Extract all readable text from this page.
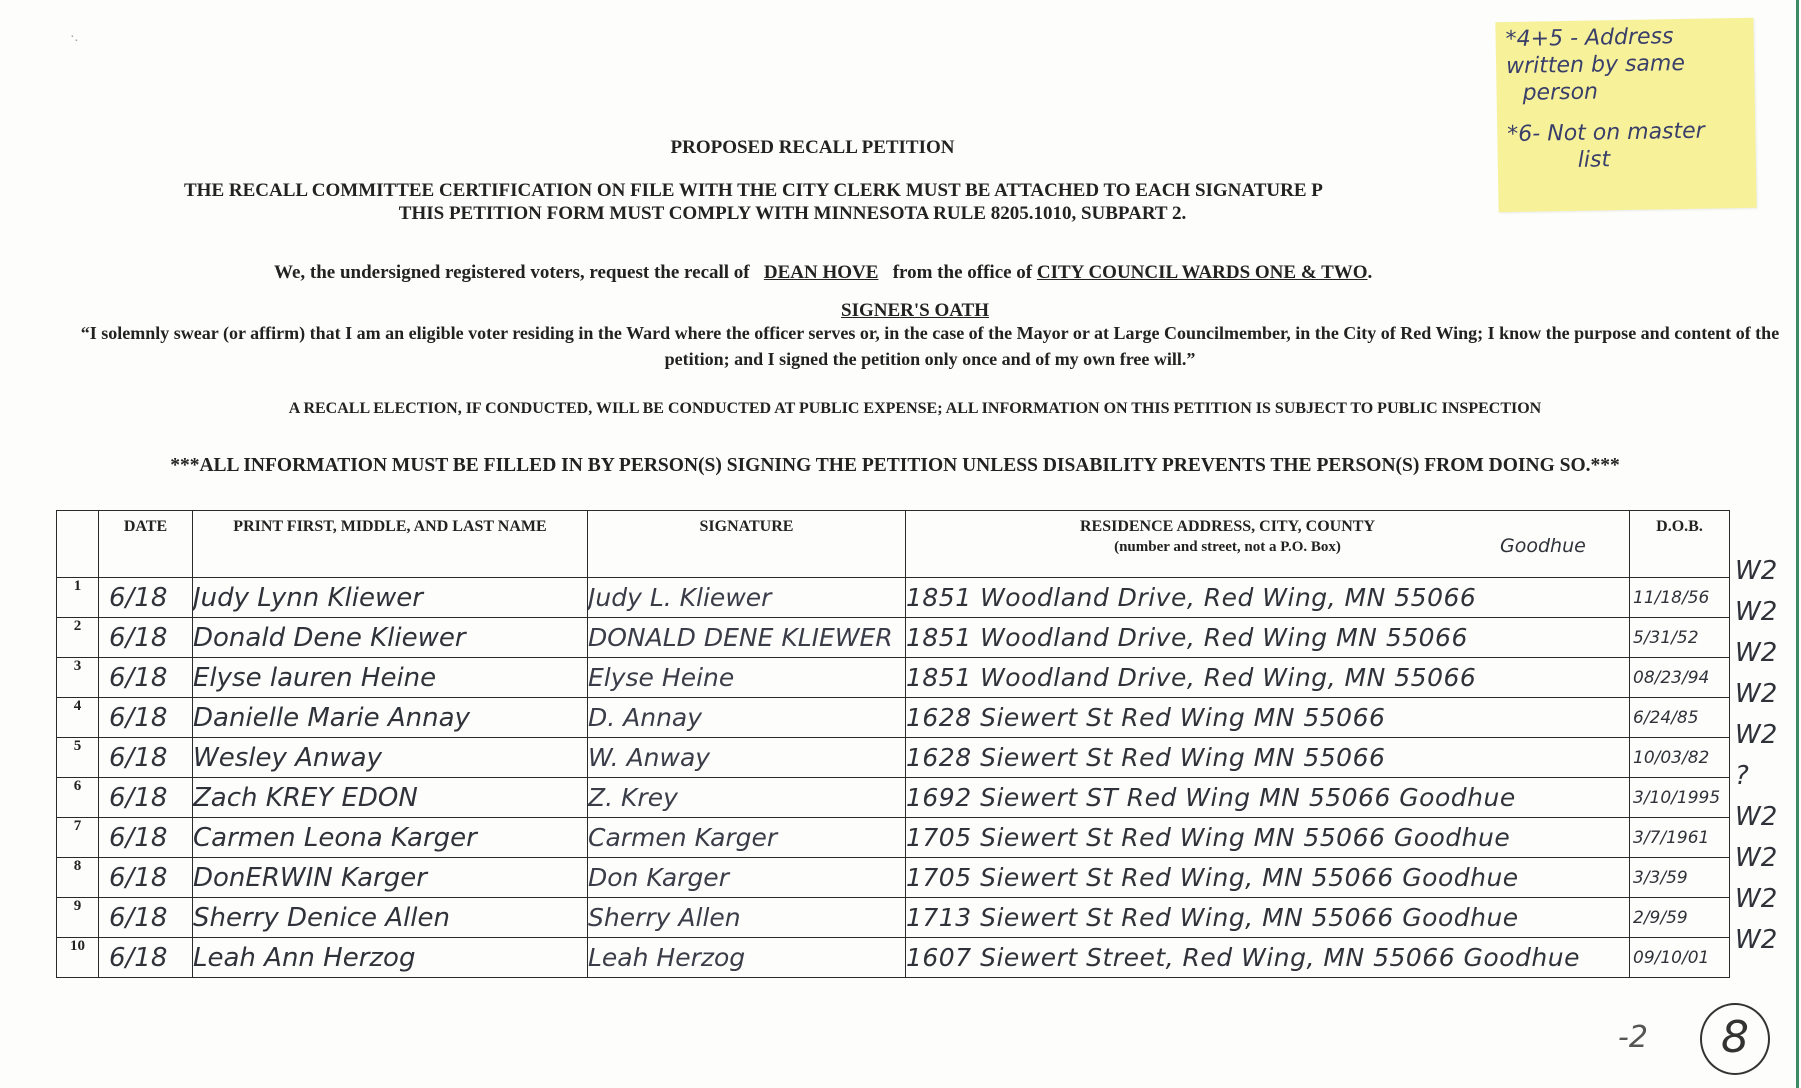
·.	*4+5 - Address
written by same
person
*6- Not on master
list
PROPOSED RECALL PETITION
THE RECALL COMMITTEE CERTIFICATION ON FILE WITH THE CITY CLERK MUST BE ATTACHED TO EACH SIGNATURE P
THIS PETITION FORM MUST COMPLY WITH MINNESOTA RULE 8205.1010, SUBPART 2.
We, the undersigned registered voters, request the recall of DEAN HOVE from the office of CITY COUNCIL WARDS ONE & TWO.
SIGNER'S OATH
“I solemnly swear (or affirm) that I am an eligible voter residing in the Ward where the officer serves or, in the case of the Mayor or at Large Councilmember, in the City of Red Wing; I know the purpose and content of the petition; and I signed the petition only once and of my own free will.”
A RECALL ELECTION, IF CONDUCTED, WILL BE CONDUCTED AT PUBLIC EXPENSE; ALL INFORMATION ON THIS PETITION IS SUBJECT TO PUBLIC INSPECTION
***ALL INFORMATION MUST BE FILLED IN BY PERSON(S) SIGNING THE PETITION UNLESS DISABILITY PREVENTS THE PERSON(S) FROM DOING SO.***
	DATE	PRINT FIRST, MIDDLE, AND LAST NAME	SIGNATURE	RESIDENCE ADDRESS, CITY, COUNTY
(number and street, not a P.O. Box)	D.O.B.
1	6/18	Judy Lynn Kliewer	Judy L. Kliewer	1851 Woodland Drive, Red Wing, MN 55066	11/18/56
2	6/18	Donald Dene Kliewer	DONALD DENE KLIEWER	1851 Woodland Drive, Red Wing MN 55066	5/31/52
3	6/18	Elyse lauren Heine	Elyse Heine	1851 Woodland Drive, Red Wing, MN 55066	08/23/94
4	6/18	Danielle Marie Annay	D. Annay	1628 Siewert St Red Wing MN 55066	6/24/85
5	6/18	Wesley Anway	W. Anway	1628 Siewert St Red Wing MN 55066	10/03/82
6	6/18	Zach KREY EDON	Z. Krey	1692 Siewert ST Red Wing MN 55066 Goodhue	3/10/1995
7	6/18	Carmen Leona Karger	Carmen Karger	1705 Siewert St Red Wing MN 55066 Goodhue	3/7/1961
8	6/18	DonERWIN Karger	Don Karger	1705 Siewert St Red Wing, MN 55066 Goodhue	3/3/59
9	6/18	Sherry Denice Allen	Sherry Allen	1713 Siewert St Red Wing, MN 55066 Goodhue	2/9/59
10	6/18	Leah Ann Herzog	Leah Herzog	1607 Siewert Street, Red Wing, MN 55066 Goodhue	09/10/01
Goodhue
W2
W2
W2
W2
W2
?
W2
W2
W2
W2
-2	8
